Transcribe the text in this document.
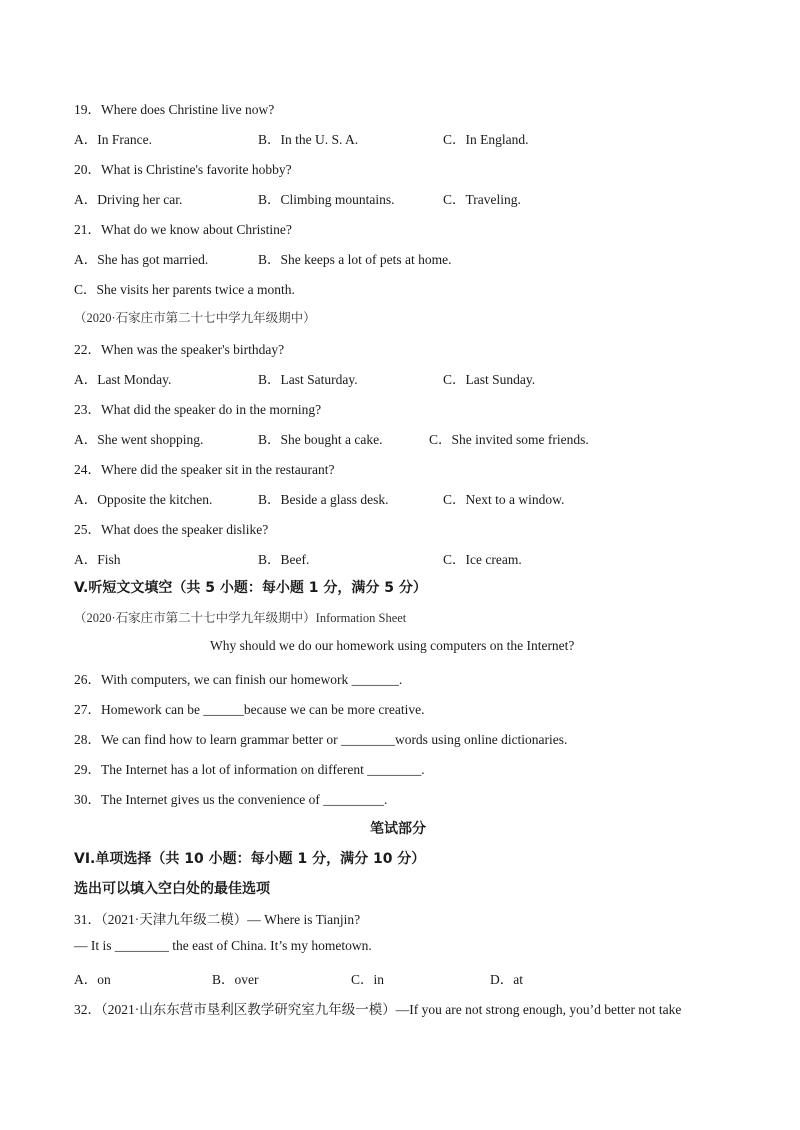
19．Where does Christine live now?
A．In France.	B．In the U. S. A.	C．In England.
20．What is Christine's favorite hobby?
A．Driving her car.	B．Climbing mountains.	C．Traveling.
21．What do we know about Christine?
A．She has got married.	B．She keeps a lot of pets at home.
C．She visits her parents twice a month.
（2020·石家庄市第二十七中学九年级期中）
22．When was the speaker's birthday?
A．Last Monday.	B．Last Saturday.	C．Last Sunday.
23．What did the speaker do in the morning?
A．She went shopping.	B．She bought a cake.	C．She invited some friends.
24．Where did the speaker sit in the restaurant?
A．Opposite the kitchen.	B．Beside a glass desk.	C．Next to a window.
25．What does the speaker dislike?
A．Fish	B．Beef.	C．Ice cream.
V.听短文文填空（共 5 小题：每小题 1 分，满分 5 分）
（2020·石家庄市第二十七中学九年级期中）Information Sheet
Why should we do our homework using computers on the Internet?
26．With computers, we can finish our homework _______.
27．Homework can be ______because we can be more creative.
28．We can find how to learn grammar better or ________words using online dictionaries.
29．The Internet has a lot of information on different ________.
30．The Internet gives us the convenience of _________.
笔试部分
VI.单项选择（共 10 小题：每小题 1 分，满分 10 分）
选出可以填入空白处的最佳选项
31．（2021·天津九年级二模）— Where is Tianjin?
— It is ________ the east of China. It’s my hometown.
A．on	B．over	C．in	D．at
32．（2021·山东东营市垦利区教学研究室九年级一模）—If you are not strong enough, you’d better not take
